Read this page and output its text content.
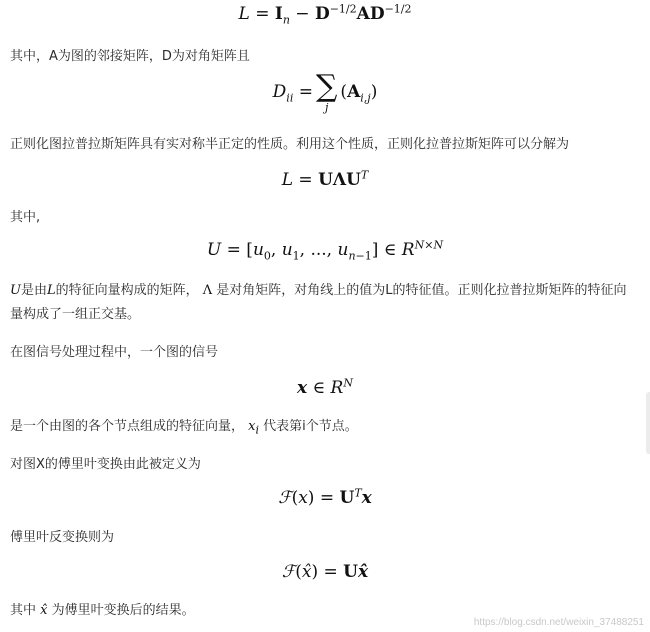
$L = I_n - D^{-1/2}AD^{-1/2}$
其中，A为图的邻接矩阵，D为对角矩阵且
$D_{ii}$ = ∑
j
$(A_{i,j})$
正则化图拉普拉斯矩阵具有实对称半正定的性质。利用这个性质，正则化拉普拉斯矩阵可以分解为
$L = U\Lambda U^T$
其中,
$U = [u_0$, $u_1$, ..., $u_{n-1}$] ∈ $R^{N\times N}$
U是由L的特征向量构成的矩阵， Λ 是对角矩阵，对角线上的值为L的特征值。正则化拉普拉斯矩阵的特征向
量构成了一组正交基。
在图信号处理过程中，一个图的信号
x ∈ $R^N$
是一个由图的各个节点组成的特征向量， $x_i$ 代表第i个节点。
对图X的傅里叶变换由此被定义为
ℱ(x) = $U^Tx$
傅里叶反变换则为
ℱ(x̂) = Ux̂
其中 x̂ 为傅里叶变换后的结果。
https://blog.csdn.net/weixin_37488251
